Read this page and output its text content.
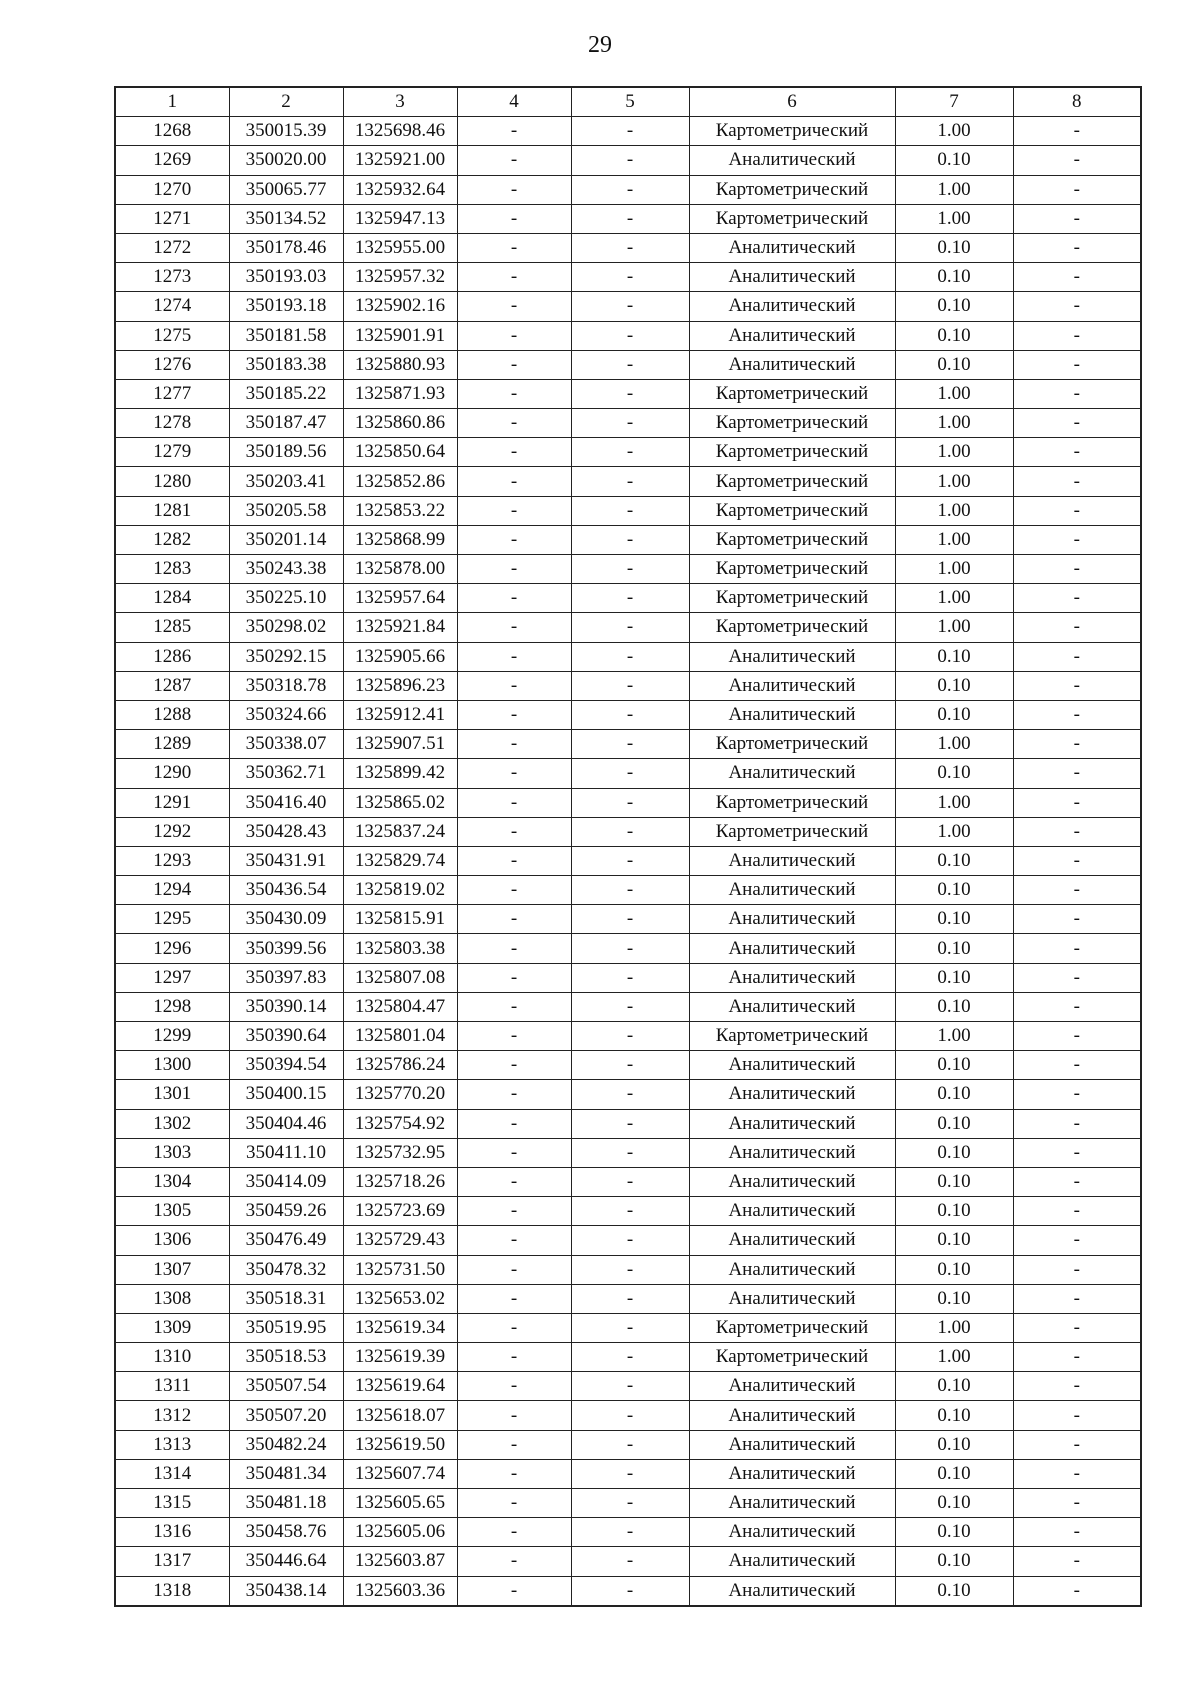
29
1	2	3	4	5	6	7	8
1268	350015.39	1325698.46	-	-	Картометрический	1.00	-
1269	350020.00	1325921.00	-	-	Аналитический	0.10	-
1270	350065.77	1325932.64	-	-	Картометрический	1.00	-
1271	350134.52	1325947.13	-	-	Картометрический	1.00	-
1272	350178.46	1325955.00	-	-	Аналитический	0.10	-
1273	350193.03	1325957.32	-	-	Аналитический	0.10	-
1274	350193.18	1325902.16	-	-	Аналитический	0.10	-
1275	350181.58	1325901.91	-	-	Аналитический	0.10	-
1276	350183.38	1325880.93	-	-	Аналитический	0.10	-
1277	350185.22	1325871.93	-	-	Картометрический	1.00	-
1278	350187.47	1325860.86	-	-	Картометрический	1.00	-
1279	350189.56	1325850.64	-	-	Картометрический	1.00	-
1280	350203.41	1325852.86	-	-	Картометрический	1.00	-
1281	350205.58	1325853.22	-	-	Картометрический	1.00	-
1282	350201.14	1325868.99	-	-	Картометрический	1.00	-
1283	350243.38	1325878.00	-	-	Картометрический	1.00	-
1284	350225.10	1325957.64	-	-	Картометрический	1.00	-
1285	350298.02	1325921.84	-	-	Картометрический	1.00	-
1286	350292.15	1325905.66	-	-	Аналитический	0.10	-
1287	350318.78	1325896.23	-	-	Аналитический	0.10	-
1288	350324.66	1325912.41	-	-	Аналитический	0.10	-
1289	350338.07	1325907.51	-	-	Картометрический	1.00	-
1290	350362.71	1325899.42	-	-	Аналитический	0.10	-
1291	350416.40	1325865.02	-	-	Картометрический	1.00	-
1292	350428.43	1325837.24	-	-	Картометрический	1.00	-
1293	350431.91	1325829.74	-	-	Аналитический	0.10	-
1294	350436.54	1325819.02	-	-	Аналитический	0.10	-
1295	350430.09	1325815.91	-	-	Аналитический	0.10	-
1296	350399.56	1325803.38	-	-	Аналитический	0.10	-
1297	350397.83	1325807.08	-	-	Аналитический	0.10	-
1298	350390.14	1325804.47	-	-	Аналитический	0.10	-
1299	350390.64	1325801.04	-	-	Картометрический	1.00	-
1300	350394.54	1325786.24	-	-	Аналитический	0.10	-
1301	350400.15	1325770.20	-	-	Аналитический	0.10	-
1302	350404.46	1325754.92	-	-	Аналитический	0.10	-
1303	350411.10	1325732.95	-	-	Аналитический	0.10	-
1304	350414.09	1325718.26	-	-	Аналитический	0.10	-
1305	350459.26	1325723.69	-	-	Аналитический	0.10	-
1306	350476.49	1325729.43	-	-	Аналитический	0.10	-
1307	350478.32	1325731.50	-	-	Аналитический	0.10	-
1308	350518.31	1325653.02	-	-	Аналитический	0.10	-
1309	350519.95	1325619.34	-	-	Картометрический	1.00	-
1310	350518.53	1325619.39	-	-	Картометрический	1.00	-
1311	350507.54	1325619.64	-	-	Аналитический	0.10	-
1312	350507.20	1325618.07	-	-	Аналитический	0.10	-
1313	350482.24	1325619.50	-	-	Аналитический	0.10	-
1314	350481.34	1325607.74	-	-	Аналитический	0.10	-
1315	350481.18	1325605.65	-	-	Аналитический	0.10	-
1316	350458.76	1325605.06	-	-	Аналитический	0.10	-
1317	350446.64	1325603.87	-	-	Аналитический	0.10	-
1318	350438.14	1325603.36	-	-	Аналитический	0.10	-
